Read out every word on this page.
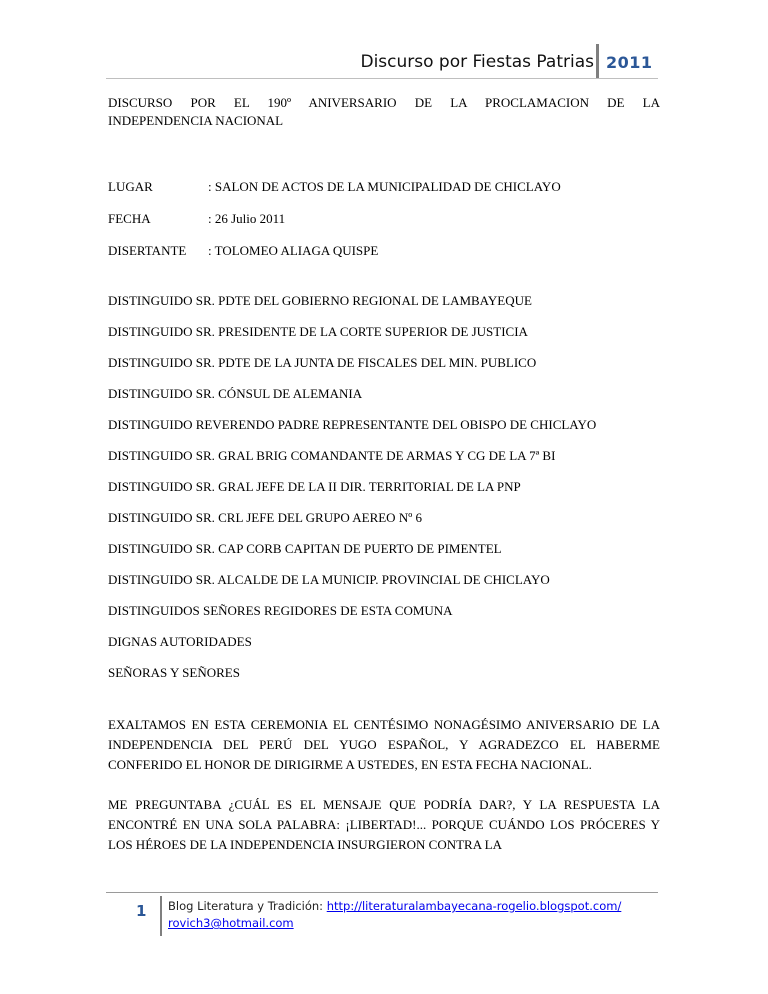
Discurso por Fiestas Patrias 2011

DISCURSO POR EL 190º ANIVERSARIO DE LA PROCLAMACION DE LA

INDEPENDENCIA NACIONAL

LUGAR	: SALON DE ACTOS DE LA MUNICIPALIDAD DE CHICLAYO
FECHA	: 26 Julio 2011
DISERTANTE	: TOLOMEO ALIAGA QUISPE

DISTINGUIDO SR. PDTE DEL GOBIERNO REGIONAL DE LAMBAYEQUE

DISTINGUIDO SR. PRESIDENTE DE LA CORTE SUPERIOR DE JUSTICIA

DISTINGUIDO SR. PDTE DE LA JUNTA DE FISCALES DEL MIN. PUBLICO

DISTINGUIDO SR. CÓNSUL DE ALEMANIA

DISTINGUIDO REVERENDO PADRE REPRESENTANTE DEL OBISPO DE CHICLAYO

DISTINGUIDO SR. GRAL BRIG COMANDANTE DE ARMAS Y CG DE LA 7ª BI

DISTINGUIDO SR. GRAL JEFE DE LA II DIR. TERRITORIAL DE LA PNP

DISTINGUIDO SR. CRL JEFE DEL GRUPO AEREO Nº 6

DISTINGUIDO SR. CAP CORB CAPITAN DE PUERTO DE PIMENTEL

DISTINGUIDO SR. ALCALDE DE LA MUNICIP. PROVINCIAL DE CHICLAYO

DISTINGUIDOS SEÑORES REGIDORES DE ESTA COMUNA

DIGNAS AUTORIDADES

SEÑORAS Y SEÑORES

EXALTAMOS EN ESTA CEREMONIA EL CENTÉSIMO NONAGÉSIMO ANIVERSARIO DE LA INDEPENDENCIA DEL PERÚ DEL YUGO ESPAÑOL, Y AGRADEZCO EL HABERME CONFERIDO EL HONOR DE DIRIGIRME A USTEDES, EN ESTA FECHA NACIONAL.

ME PREGUNTABA ¿CUÁL ES EL MENSAJE QUE PODRÍA DAR?, Y LA RESPUESTA LA ENCONTRÉ EN UNA SOLA PALABRA: ¡LIBERTAD!... PORQUE CUÁNDO LOS PRÓCERES Y LOS HÉROES DE LA INDEPENDENCIA INSURGIERON CONTRA LA

1 Blog Literatura y Tradición: http://literaturalambayecana-rogelio.blogspot.com/
rovich3@hotmail.com
